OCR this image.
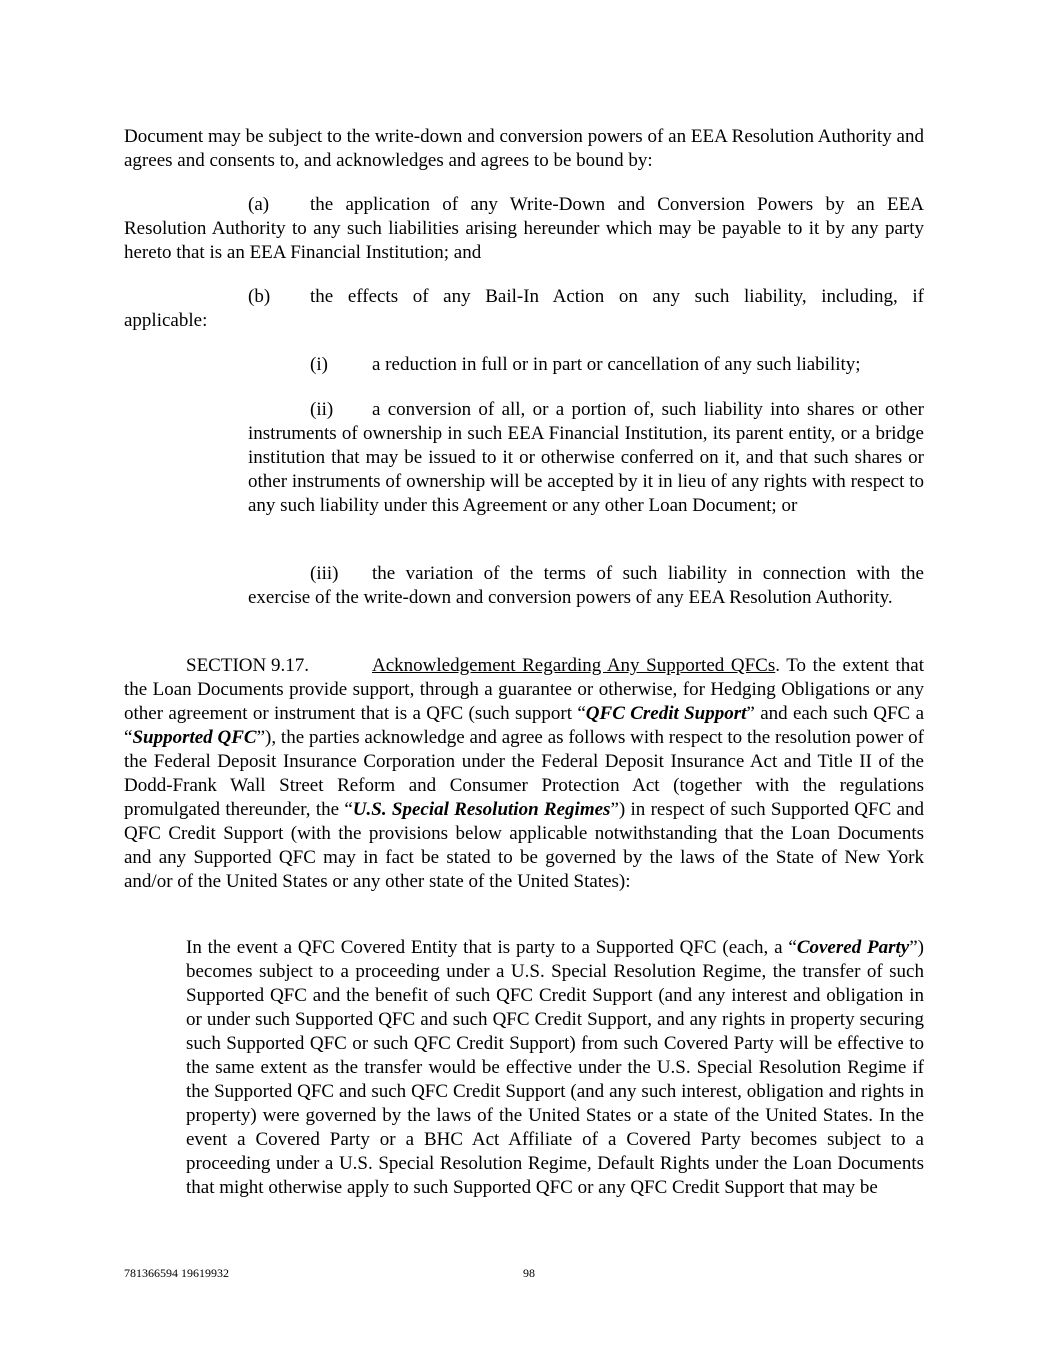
Document may be subject to the write-down and conversion powers of an EEA Resolution Authority and agrees and consents to, and acknowledges and agrees to be bound by:

(a) the application of any Write-Down and Conversion Powers by an EEA Resolution Authority to any such liabilities arising hereunder which may be payable to it by any party hereto that is an EEA Financial Institution; and

(b) the effects of any Bail-In Action on any such liability, including, if

applicable:

(i) a reduction in full or in part or cancellation of any such liability;

(ii) a conversion of all, or a portion of, such liability into shares or other instruments of ownership in such EEA Financial Institution, its parent entity, or a bridge institution that may be issued to it or otherwise conferred on it, and that such shares or other instruments of ownership will be accepted by it in lieu of any rights with respect to any such liability under this Agreement or any other Loan Document; or

(iii) the variation of the terms of such liability in connection with the exercise of the write-down and conversion powers of any EEA Resolution Authority.

SECTION 9.17.	Acknowledgement Regarding Any Supported QFCs. To the extent that the Loan Documents provide support, through a guarantee or otherwise, for Hedging Obligations or any other agreement or instrument that is a QFC (such support “QFC Credit Support” and each such QFC a “Supported QFC”), the parties acknowledge and agree as follows with respect to the resolution power of the Federal Deposit Insurance Corporation under the Federal Deposit Insurance Act and Title II of the Dodd-Frank Wall Street Reform and Consumer Protection Act (together with the regulations promulgated thereunder, the “U.S. Special Resolution Regimes”) in respect of such Supported QFC and QFC Credit Support (with the provisions below applicable notwithstanding that the Loan Documents and any Supported QFC may in fact be stated to be governed by the laws of the State of New York and/or of the United States or any other state of the United States):

In the event a QFC Covered Entity that is party to a Supported QFC (each, a “Covered Party”) becomes subject to a proceeding under a U.S. Special Resolution Regime, the transfer of such Supported QFC and the benefit of such QFC Credit Support (and any interest and obligation in or under such Supported QFC and such QFC Credit Support, and any rights in property securing such Supported QFC or such QFC Credit Support) from such Covered Party will be effective to the same extent as the transfer would be effective under the U.S. Special Resolution Regime if the Supported QFC and such QFC Credit Support (and any such interest, obligation and rights in property) were governed by the laws of the United States or a state of the United States. In the event a Covered Party or a BHC Act Affiliate of a Covered Party becomes subject to a proceeding under a U.S. Special Resolution Regime, Default Rights under the Loan Documents that might otherwise apply to such Supported QFC or any QFC Credit Support that may be

781366594 19619932	98
